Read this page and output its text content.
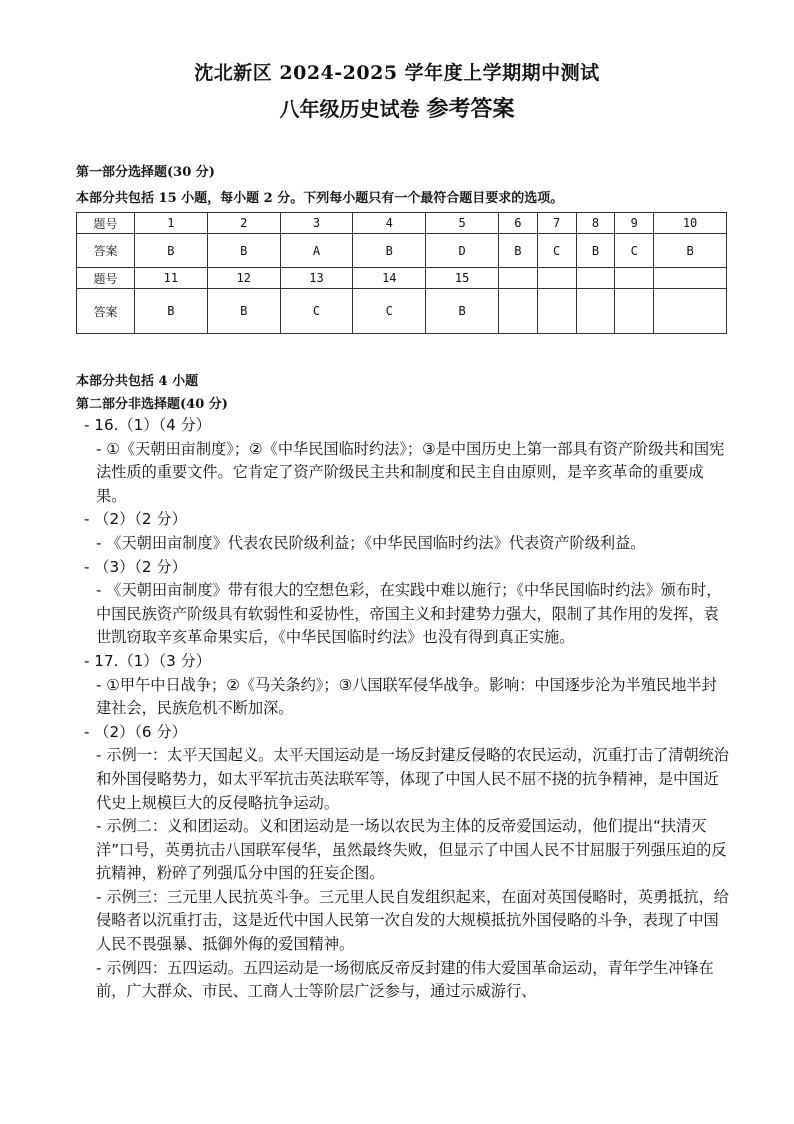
沈北新区 2024-2025 学年度上学期期中测试
八年级历史试卷 参考答案
第一部分选择题(30 分)
本部分共包括 15 小题，每小题 2 分。下列每小题只有一个最符合题目要求的选项。
题号	1	2	3	4	5	6	7	8	9	10
答案	B	B	A	B	D	B	C	B	C	B
题号	11	12	13	14	15					
答案	B	B	C	C	B					
本部分共包括 4 小题
第二部分非选择题(40 分)

- 16.（1）（4 分）

- ①《天朝田亩制度》；②《中华民国临时约法》；③是中国历史上第一部具有资产阶级共和国宪法性质的重要文件。它肯定了资产阶级民主共和制度和民主自由原则，是辛亥革命的重要成果。

- （2）（2 分）

- 《天朝田亩制度》代表农民阶级利益；《中华民国临时约法》代表资产阶级利益。

- （3）（2 分）

- 《天朝田亩制度》带有很大的空想色彩，在实践中难以施行；《中华民国临时约法》颁布时，中国民族资产阶级具有软弱性和妥协性，帝国主义和封建势力强大，限制了其作用的发挥，袁世凯窃取辛亥革命果实后，《中华民国临时约法》也没有得到真正实施。

- 17.（1）（3 分）

- ①甲午中日战争；②《马关条约》；③八国联军侵华战争。影响：中国逐步沦为半殖民地半封建社会，民族危机不断加深。

- （2）（6 分）

- 示例一：太平天国起义。太平天国运动是一场反封建反侵略的农民运动，沉重打击了清朝统治和外国侵略势力，如太平军抗击英法联军等，体现了中国人民不屈不挠的抗争精神，是中国近代史上规模巨大的反侵略抗争运动。

- 示例二：义和团运动。义和团运动是一场以农民为主体的反帝爱国运动，他们提出“扶清灭洋”口号，英勇抗击八国联军侵华，虽然最终失败，但显示了中国人民不甘屈服于列强压迫的反抗精神，粉碎了列强瓜分中国的狂妄企图。

- 示例三：三元里人民抗英斗争。三元里人民自发组织起来，在面对英国侵略时，英勇抵抗，给侵略者以沉重打击，这是近代中国人民第一次自发的大规模抵抗外国侵略的斗争，表现了中国人民不畏强暴、抵御外侮的爱国精神。

- 示例四：五四运动。五四运动是一场彻底反帝反封建的伟大爱国革命运动，青年学生冲锋在前，广大群众、市民、工商人士等阶层广泛参与，通过示威游行、
